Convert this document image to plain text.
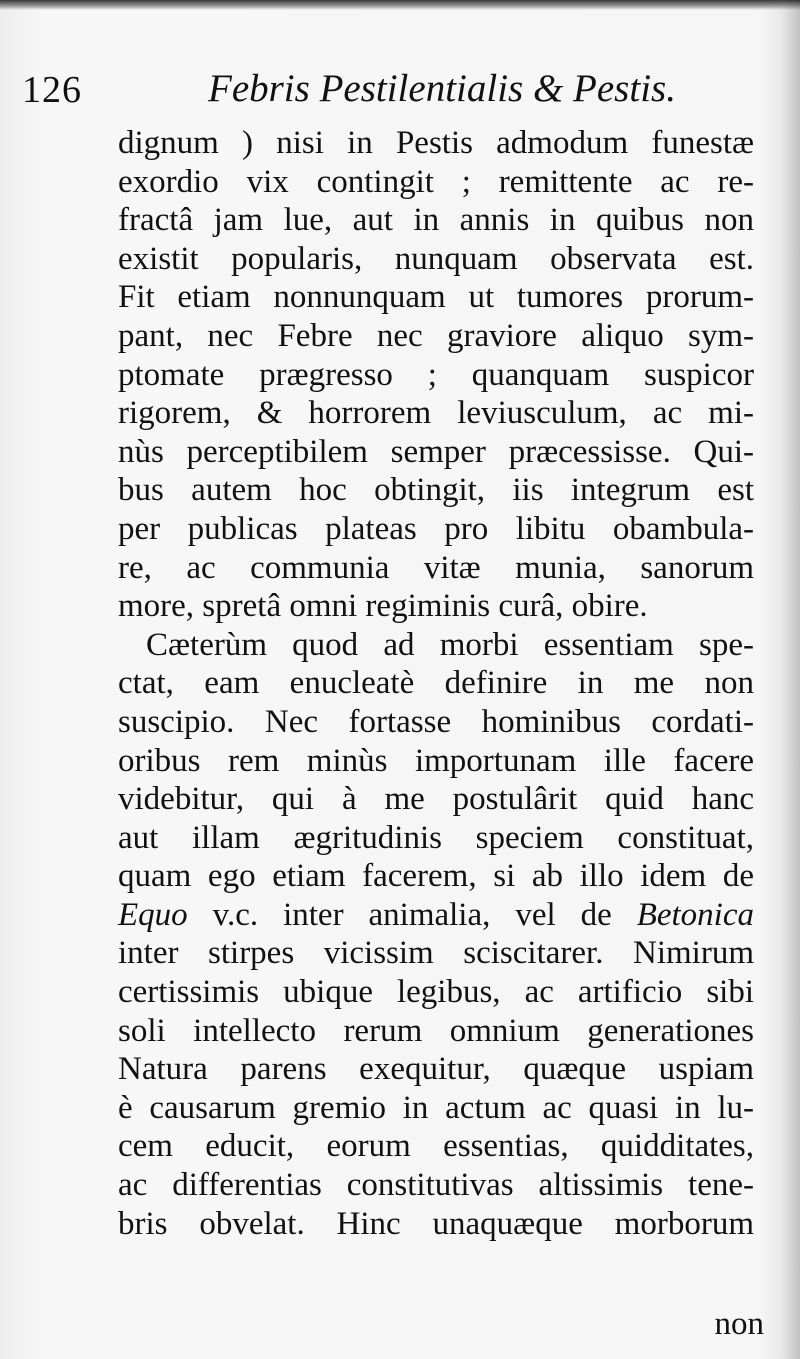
126	Febris Pestilentialis & Pestis.
dignum ) nisi in Pestis admodum funestæ
exordio vix contingit ; remittente ac re-
fractâ jam lue, aut in annis in quibus non
existit popularis, nunquam observata est.
Fit etiam nonnunquam ut tumores prorum-
pant, nec Febre nec graviore aliquo sym-
ptomate prægresso ; quanquam suspicor
rigorem, & horrorem leviusculum, ac mi-
nùs perceptibilem semper præcessisse. Qui-
bus autem hoc obtingit, iis integrum est
per publicas plateas pro libitu obambula-
re, ac communia vitæ munia, sanorum
more, spretâ omni regiminis curâ, obire.
Cæterùm quod ad morbi essentiam spe-
ctat, eam enucleatè definire in me non
suscipio. Nec fortasse hominibus cordati-
oribus rem minùs importunam ille facere
videbitur, qui à me postulârit quid hanc
aut illam ægritudinis speciem constituat,
quam ego etiam facerem, si ab illo idem de
Equo v.c. inter animalia, vel de Betonica
inter stirpes vicissim sciscitarer. Nimirum
certissimis ubique legibus, ac artificio sibi
soli intellecto rerum omnium generationes
Natura parens exequitur, quæque uspiam
è causarum gremio in actum ac quasi in lu-
cem educit, eorum essentias, quidditates,
ac differentias constitutivas altissimis tene-
bris obvelat. Hinc unaquæque morborum
non
